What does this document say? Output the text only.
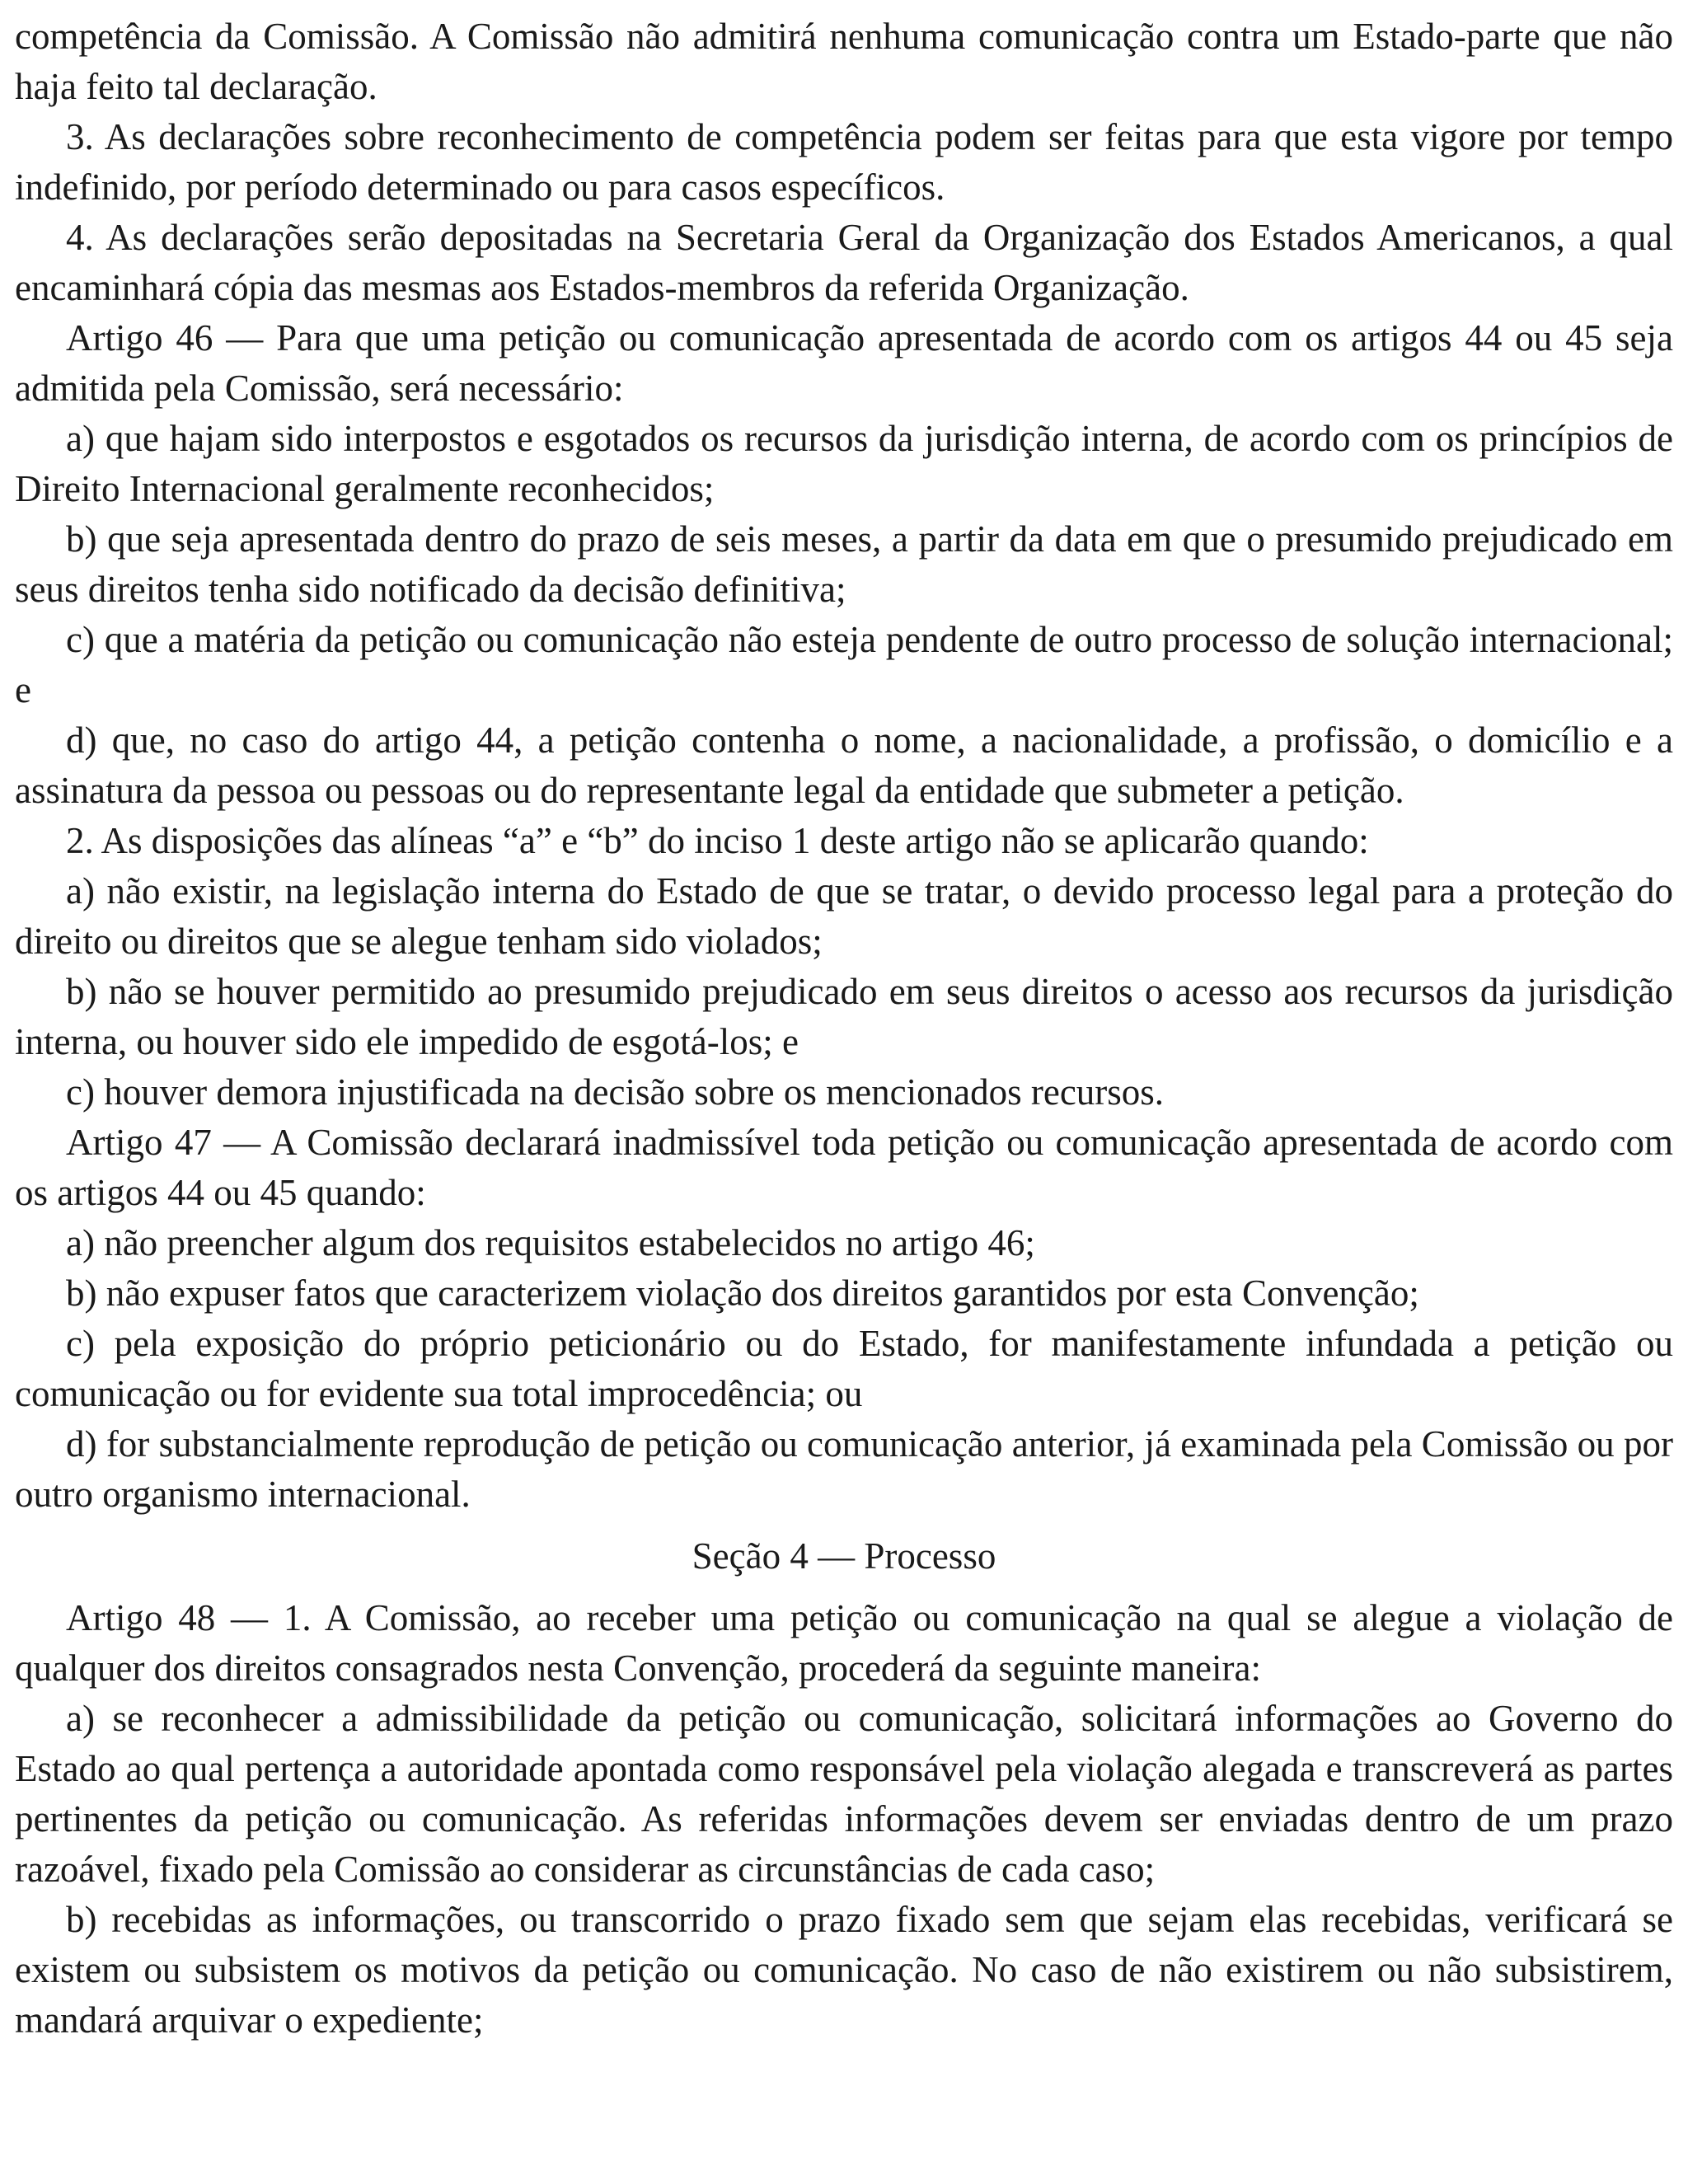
competência da Comissão. A Comissão não admitirá nenhuma comunicação contra um Estado-parte que não haja feito tal declaração.

3. As declarações sobre reconhecimento de competência podem ser feitas para que esta vigore por tempo indefinido, por período determinado ou para casos específicos.

4. As declarações serão depositadas na Secretaria Geral da Organização dos Estados Americanos, a qual encaminhará cópia das mesmas aos Estados-membros da referida Organização.

Artigo 46 — Para que uma petição ou comunicação apresentada de acordo com os artigos 44 ou 45 seja admitida pela Comissão, será necessário:

a) que hajam sido interpostos e esgotados os recursos da jurisdição interna, de acordo com os princípios de Direito Internacional geralmente reconhecidos;

b) que seja apresentada dentro do prazo de seis meses, a partir da data em que o presumido prejudicado em seus direitos tenha sido notificado da decisão definitiva;

c) que a matéria da petição ou comunicação não esteja pendente de outro processo de solução internacional; e

d) que, no caso do artigo 44, a petição contenha o nome, a nacionalidade, a profissão, o domicílio e a assinatura da pessoa ou pessoas ou do representante legal da entidade que submeter a petição.

2. As disposições das alíneas “a” e “b” do inciso 1 deste artigo não se aplicarão quando:

a) não existir, na legislação interna do Estado de que se tratar, o devido processo legal para a proteção do direito ou direitos que se alegue tenham sido violados;

b) não se houver permitido ao presumido prejudicado em seus direitos o acesso aos recursos da jurisdição interna, ou houver sido ele impedido de esgotá-los; e

c) houver demora injustificada na decisão sobre os mencionados recursos.

Artigo 47 — A Comissão declarará inadmissível toda petição ou comunicação apresentada de acordo com os artigos 44 ou 45 quando:

a) não preencher algum dos requisitos estabelecidos no artigo 46;

b) não expuser fatos que caracterizem violação dos direitos garantidos por esta Convenção;

c) pela exposição do próprio peticionário ou do Estado, for manifestamente infundada a petição ou comunicação ou for evidente sua total improcedência; ou

d) for substancialmente reprodução de petição ou comunicação anterior, já examinada pela Comissão ou por outro organismo internacional.

Seção 4 — Processo

Artigo 48 — 1. A Comissão, ao receber uma petição ou comunicação na qual se alegue a violação de qualquer dos direitos consagrados nesta Convenção, procederá da seguinte maneira:

a) se reconhecer a admissibilidade da petição ou comunicação, solicitará informações ao Governo do Estado ao qual pertença a autoridade apontada como responsável pela violação alegada e transcreverá as partes pertinentes da petição ou comunicação. As referidas informações devem ser enviadas dentro de um prazo razoável, fixado pela Comissão ao considerar as circunstâncias de cada caso;

b) recebidas as informações, ou transcorrido o prazo fixado sem que sejam elas recebidas, verificará se existem ou subsistem os motivos da petição ou comunicação. No caso de não existirem ou não subsistirem, mandará arquivar o expediente;
